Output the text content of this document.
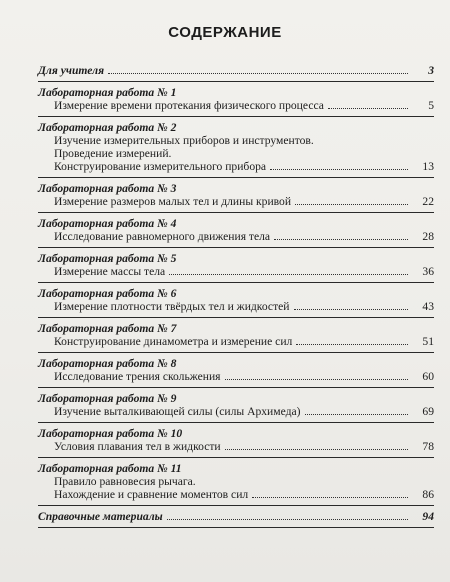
СОДЕРЖАНИЕ
Для учителя	3
Лабораторная работа № 1
Измерение времени протекания физического процесса	5
Лабораторная работа № 2
Изучение измерительных приборов и инструментов.
Проведение измерений.
Конструирование измерительного прибора	13
Лабораторная работа № 3
Измерение размеров малых тел и длины кривой	22
Лабораторная работа № 4
Исследование равномерного движения тела	28
Лабораторная работа № 5
Измерение массы тела	36
Лабораторная работа № 6
Измерение плотности твёрдых тел и жидкостей	43
Лабораторная работа № 7
Конструирование динамометра и измерение сил	51
Лабораторная работа № 8
Исследование трения скольжения	60
Лабораторная работа № 9
Изучение выталкивающей силы (силы Архимеда)	69
Лабораторная работа № 10
Условия плавания тел в жидкости	78
Лабораторная работа № 11
Правило равновесия рычага.
Нахождение и сравнение моментов сил	86
Справочные материалы	94
